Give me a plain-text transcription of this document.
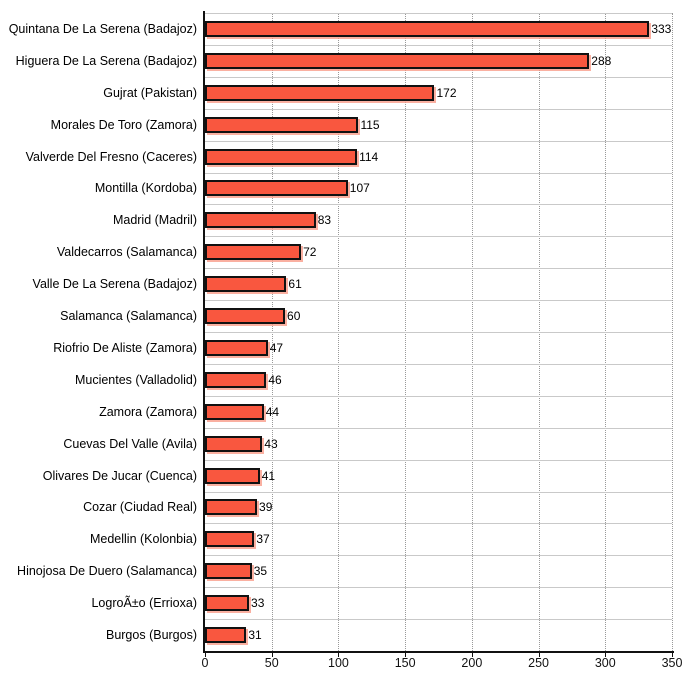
Quintana De La Serena (Badajoz)
Higuera De La Serena (Badajoz)
Gujrat (Pakistan)
Morales De Toro (Zamora)
Valverde Del Fresno (Caceres)
Montilla (Kordoba)
Madrid (Madril)
Valdecarros (Salamanca)
Valle De La Serena (Badajoz)
Salamanca (Salamanca)
Riofrio De Aliste (Zamora)
Mucientes (Valladolid)
Zamora (Zamora)
Cuevas Del Valle (Avila)
Olivares De Jucar (Cuenca)
Cozar (Ciudad Real)
Medellin (Kolonbia)
Hinojosa De Duero (Salamanca)
LogroÃ±o (Errioxa)
Burgos (Burgos)
333
288
172
115
114
107
83
72
61
60
47
46
44
43
41
39
37
35
33
31
0	50	100	150	200	250	300	350
